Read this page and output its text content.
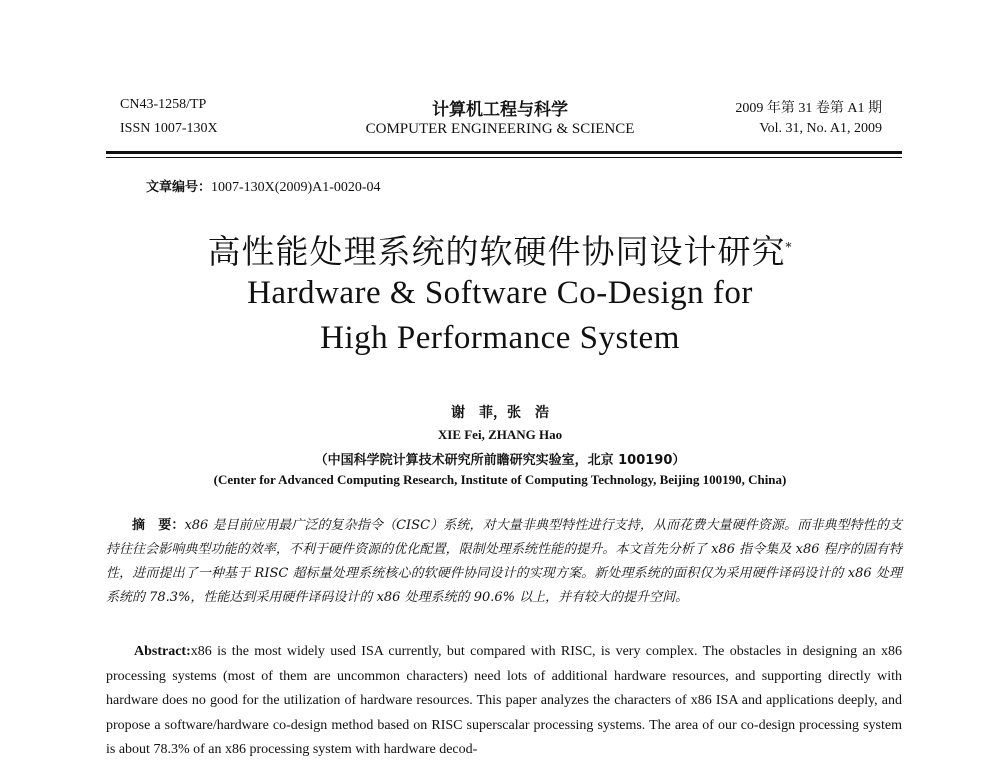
CN43-1258/TP
ISSN 1007-130X
计算机工程与科学
COMPUTER ENGINEERING & SCIENCE
2009 年第 31 卷第 A1 期
Vol. 31, No. A1, 2009
文章编号：1007-130X(2009)A1-0020-04
高性能处理系统的软硬件协同设计研究*
Hardware & Software Co-Design for
High Performance System
谢　菲，张　浩
XIE Fei, ZHANG Hao
（中国科学院计算技术研究所前瞻研究实验室，北京 100190）
(Center for Advanced Computing Research, Institute of Computing Technology, Beijing 100190, China)
摘　要：x86 是目前应用最广泛的复杂指令（CISC）系统，对大量非典型特性进行支持，从而花费大量硬件资源。而非典型特性的支持往往会影响典型功能的效率，不利于硬件资源的优化配置，限制处理系统性能的提升。本文首先分析了 x86 指令集及 x86 程序的固有特性，进而提出了一种基于 RISC 超标量处理系统核心的软硬件协同设计的实现方案。新处理系统的面积仅为采用硬件译码设计的 x86 处理系统的 78.3%，性能达到采用硬件译码设计的 x86 处理系统的 90.6% 以上，并有较大的提升空间。
Abstract:x86 is the most widely used ISA currently, but compared with RISC, is very complex. The obstacles in designing an x86 processing systems (most of them are uncommon characters) need lots of additional hardware resources, and supporting directly with hardware does no good for the utilization of hardware resources. This paper analyzes the characters of x86 ISA and applications deeply, and propose a software/hardware co-design method based on RISC superscalar processing systems. The area of our co-design processing system is about 78.3% of an x86 processing system with hardware decod-
